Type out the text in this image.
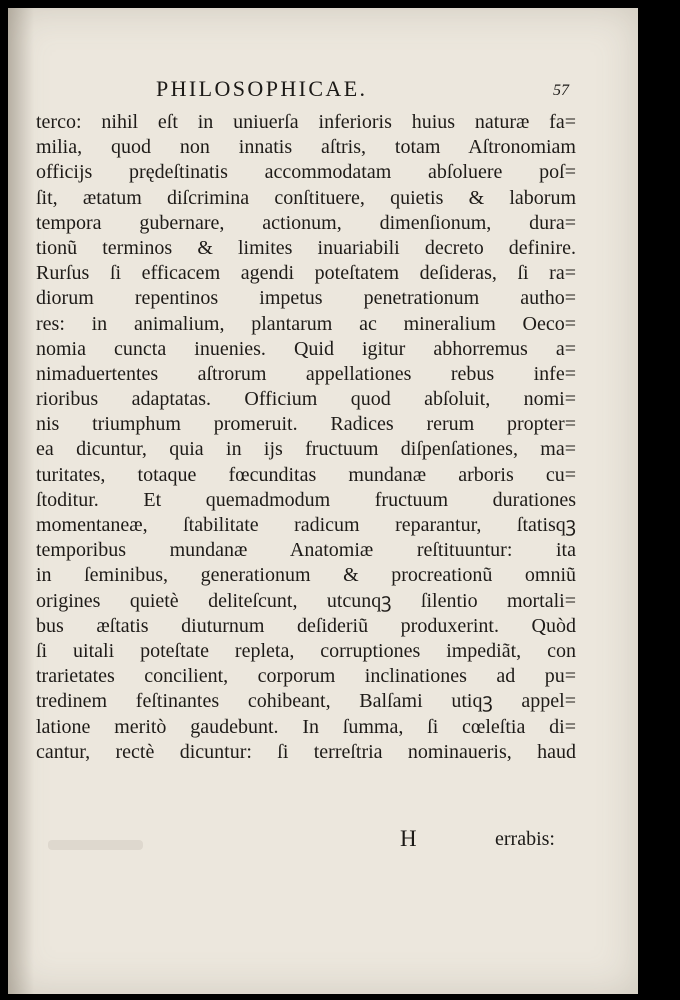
PHILOSOPHICAE.	57
terco: nihil eſt in uniuerſa inferioris huius naturæ fa=
milia, quod non innatis aſtris, totam Aſtronomiam
officijs prędeſtinatis accommodatam abſoluere poſ=
ſit, ætatum diſcrimina conſtituere, quietis & laborum
tempora gubernare, actionum, dimenſionum, dura=
tionũ terminos & limites inuariabili decreto definire.
Rurſus ſi efficacem agendi poteſtatem deſideras, ſi ra=
diorum repentinos impetus penetrationum autho=
res: in animalium, plantarum ac mineralium Oeco=
nomia cuncta inuenies. Quid igitur abhorremus a=
nimaduertentes aſtrorum appellationes rebus infe=
rioribus adaptatas. Officium quod abſoluit, nomi=
nis triumphum promeruit. Radices rerum propter=
ea dicuntur, quia in ijs fructuum diſpenſationes, ma=
turitates, totaque fœcunditas mundanæ arboris cu=
ſtoditur. Et quemadmodum fructuum durationes
momentaneæ, ſtabilitate radicum reparantur, ſtatisqꝫ
temporibus mundanæ Anatomiæ reſtituuntur: ita
in ſeminibus, generationum & procreationũ omniũ
origines quietè deliteſcunt, utcunqꝫ ſilentio mortali=
bus æſtatis diuturnum deſideriũ produxerint. Quòd
ſi uitali poteſtate repleta, corruptiones impediãt, con
trarietates concilient, corporum inclinationes ad pu=
tredinem feſtinantes cohibeant, Balſami utiqꝫ appel=
latione meritò gaudebunt. In ſumma, ſi cœleſtia di=
cantur, rectè dicuntur: ſi terreſtria nominaueris, haud
H	errabis:
